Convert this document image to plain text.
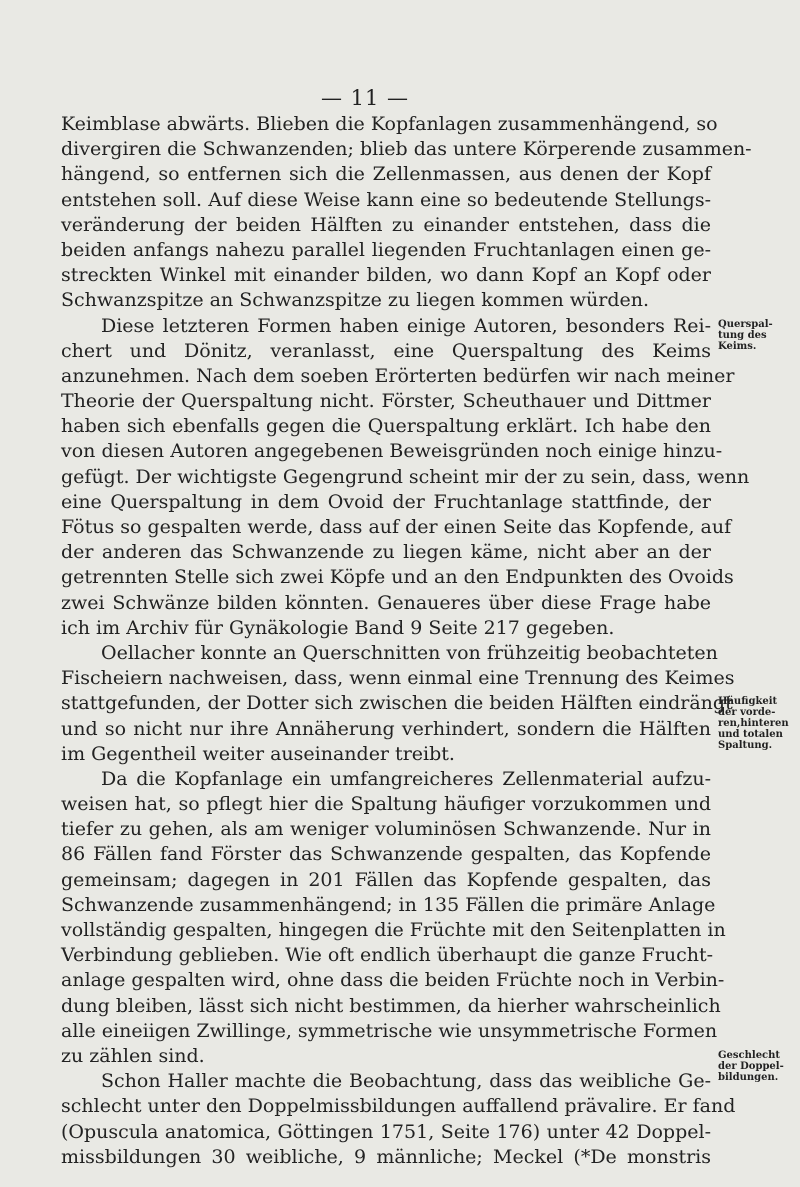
— 11 —
Keimblase abwärts. Blieben die Kopfanlagen zusammenhängend, so
divergiren die Schwanzenden; blieb das untere Körperende zusammen-
hängend, so entfernen sich die Zellenmassen, aus denen der Kopf
entstehen soll. Auf diese Weise kann eine so bedeutende Stellungs-
veränderung der beiden Hälften zu einander entstehen, dass die
beiden anfangs nahezu parallel liegenden Fruchtanlagen einen ge-
streckten Winkel mit einander bilden, wo dann Kopf an Kopf oder
Schwanzspitze an Schwanzspitze zu liegen kommen würden.
Diese letzteren Formen haben einige Autoren, besonders Rei-
chert und Dönitz, veranlasst, eine Querspaltung des Keims
anzunehmen. Nach dem soeben Erörterten bedürfen wir nach meiner
Theorie der Querspaltung nicht. Förster, Scheuthauer und Dittmer
haben sich ebenfalls gegen die Querspaltung erklärt. Ich habe den
von diesen Autoren angegebenen Beweisgründen noch einige hinzu-
gefügt. Der wichtigste Gegengrund scheint mir der zu sein, dass, wenn
eine Querspaltung in dem Ovoid der Fruchtanlage stattfinde, der
Fötus so gespalten werde, dass auf der einen Seite das Kopfende, auf
der anderen das Schwanzende zu liegen käme, nicht aber an der
getrennten Stelle sich zwei Köpfe und an den Endpunkten des Ovoids
zwei Schwänze bilden könnten. Genaueres über diese Frage habe
ich im Archiv für Gynäkologie Band 9 Seite 217 gegeben.
Oellacher konnte an Querschnitten von frühzeitig beobachteten
Fischeiern nachweisen, dass, wenn einmal eine Trennung des Keimes
stattgefunden, der Dotter sich zwischen die beiden Hälften eindrängt
und so nicht nur ihre Annäherung verhindert, sondern die Hälften
im Gegentheil weiter auseinander treibt.
Da die Kopfanlage ein umfangreicheres Zellenmaterial aufzu-
weisen hat, so pflegt hier die Spaltung häufiger vorzukommen und
tiefer zu gehen, als am weniger voluminösen Schwanzende. Nur in
86 Fällen fand Förster das Schwanzende gespalten, das Kopfende
gemeinsam; dagegen in 201 Fällen das Kopfende gespalten, das
Schwanzende zusammenhängend; in 135 Fällen die primäre Anlage
vollständig gespalten, hingegen die Früchte mit den Seitenplatten in
Verbindung geblieben. Wie oft endlich überhaupt die ganze Frucht-
anlage gespalten wird, ohne dass die beiden Früchte noch in Verbin-
dung bleiben, lässt sich nicht bestimmen, da hierher wahrscheinlich
alle eineiigen Zwillinge, symmetrische wie unsymmetrische Formen
zu zählen sind.
Schon Haller machte die Beobachtung, dass das weibliche Ge-
schlecht unter den Doppelmissbildungen auffallend prävalire. Er fand
(Opuscula anatomica, Göttingen 1751, Seite 176) unter 42 Doppel-
missbildungen 30 weibliche, 9 männliche; Meckel (*De monstris
Querspal-
tung des
Keims.
Häufigkeit
der vorde-
ren,hinteren
und totalen
Spaltung.
Geschlecht
der Doppel-
bildungen.
